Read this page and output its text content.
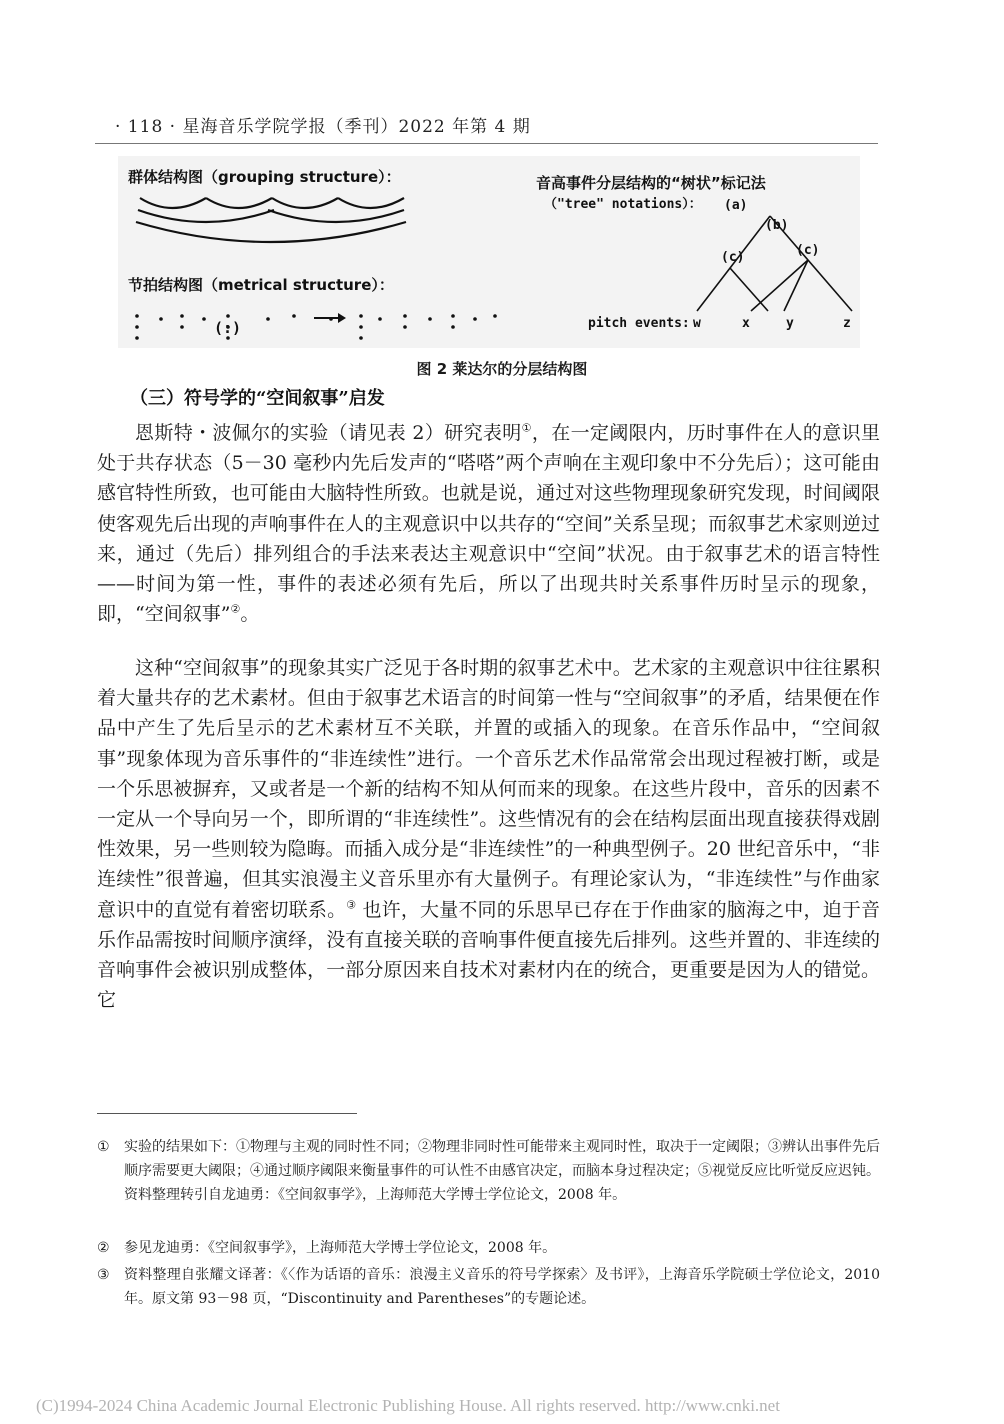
· 118 · 星海音乐学院学报（季刊）2022 年第 4 期
群体结构图（grouping structure）：
节拍结构图（metrical structure）：
(:)
音高事件分层结构的“树状”标记法
（"tree" notations）： (a)
(b)
(c)	(c)
pitch events: w	x	y	z
图 2 莱达尔的分层结构图
（三）符号学的“空间叙事”启发

恩斯特・波佩尔的实验（请见表 2）研究表明①，在一定阈限内，历时事件在人的意识里处于共存状态（5－30 毫秒内先后发声的“嗒嗒”两个声响在主观印象中不分先后）；这可能由感官特性所致，也可能由大脑特性所致。也就是说，通过对这些物理现象研究发现，时间阈限使客观先后出现的声响事件在人的主观意识中以共存的“空间”关系呈现；而叙事艺术家则逆过来，通过（先后）排列组合的手法来表达主观意识中“空间”状况。由于叙事艺术的语言特性——时间为第一性，事件的表述必须有先后，所以了出现共时关系事件历时呈示的现象，即，“空间叙事”②。

这种“空间叙事”的现象其实广泛见于各时期的叙事艺术中。艺术家的主观意识中往往累积着大量共存的艺术素材。但由于叙事艺术语言的时间第一性与“空间叙事”的矛盾，结果便在作品中产生了先后呈示的艺术素材互不关联，并置的或插入的现象。在音乐作品中，“空间叙事”现象体现为音乐事件的“非连续性”进行。一个音乐艺术作品常常会出现过程被打断，或是一个乐思被摒弃，又或者是一个新的结构不知从何而来的现象。在这些片段中，音乐的因素不一定从一个导向另一个，即所谓的“非连续性”。这些情况有的会在结构层面出现直接获得戏剧性效果，另一些则较为隐晦。而插入成分是“非连续性”的一种典型例子。20 世纪音乐中，“非连续性”很普遍，但其实浪漫主义音乐里亦有大量例子。有理论家认为，“非连续性”与作曲家意识中的直觉有着密切联系。③ 也许，大量不同的乐思早已存在于作曲家的脑海之中，迫于音乐作品需按时间顺序演绎，没有直接关联的音响事件便直接先后排列。这些并置的、非连续的音响事件会被识别成整体，一部分原因来自技术对素材内在的统合，更重要是因为人的错觉。它

① 实验的结果如下：①物理与主观的同时性不同；②物理非同时性可能带来主观同时性，取决于一定阈限；③辨认出事件先后顺序需要更大阈限；④通过顺序阈限来衡量事件的可认性不由感官决定，而脑本身过程决定；⑤视觉反应比听觉反应迟钝。资料整理转引自龙迪勇：《空间叙事学》，上海师范大学博士学位论文，2008 年。
② 参见龙迪勇：《空间叙事学》，上海师范大学博士学位论文，2008 年。
③ 资料整理自张耀文译著：《〈作为话语的音乐：浪漫主义音乐的符号学探索〉及书评》，上海音乐学院硕士学位论文，2010 年。原文第 93－98 页，“Discontinuity and Parentheses”的专题论述。
(C)1994-2024 China Academic Journal Electronic Publishing House. All rights reserved. http://www.cnki.net
